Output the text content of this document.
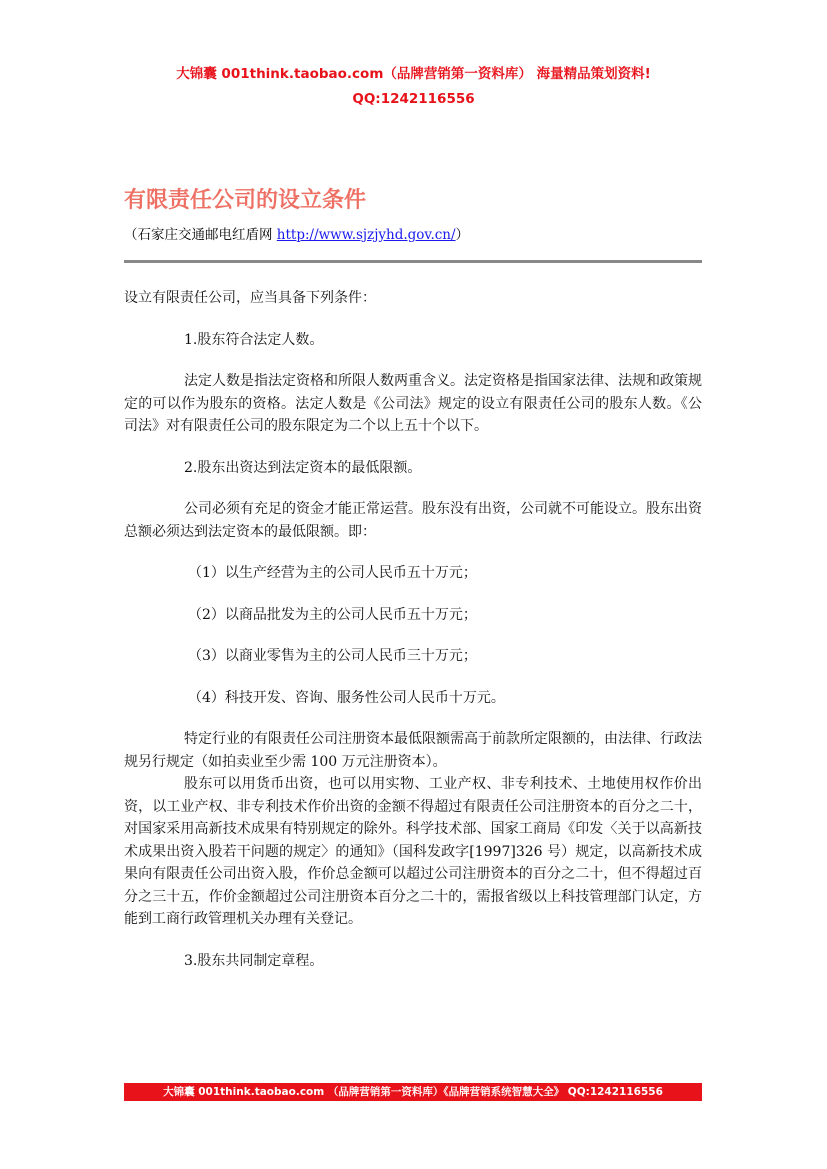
大锦囊 001think.taobao.com（品牌营销第一资料库） 海量精品策划资料!
QQ:1242116556
有限责任公司的设立条件
（石家庄交通邮电红盾网 http://www.sjzjyhd.gov.cn/）

设立有限责任公司，应当具备下列条件：

1.股东符合法定人数。

法定人数是指法定资格和所限人数两重含义。法定资格是指国家法律、法规和政策规定的可以作为股东的资格。法定人数是《公司法》规定的设立有限责任公司的股东人数。《公司法》对有限责任公司的股东限定为二个以上五十个以下。

2.股东出资达到法定资本的最低限额。

公司必须有充足的资金才能正常运营。股东没有出资，公司就不可能设立。股东出资总额必须达到法定资本的最低限额。即：

（1）以生产经营为主的公司人民币五十万元；

（2）以商品批发为主的公司人民币五十万元；

（3）以商业零售为主的公司人民币三十万元；

（4）科技开发、咨询、服务性公司人民币十万元。

特定行业的有限责任公司注册资本最低限额需高于前款所定限额的，由法律、行政法规另行规定（如拍卖业至少需 100 万元注册资本）。

股东可以用货币出资，也可以用实物、工业产权、非专利技术、土地使用权作价出资，以工业产权、非专利技术作价出资的金额不得超过有限责任公司注册资本的百分之二十，对国家采用高新技术成果有特别规定的除外。科学技术部、国家工商局《印发〈关于以高新技术成果出资入股若干问题的规定〉的通知》（国科发政字[1997]326 号）规定，以高新技术成果向有限责任公司出资入股，作价总金额可以超过公司注册资本的百分之二十，但不得超过百分之三十五，作价金额超过公司注册资本百分之二十的，需报省级以上科技管理部门认定，方能到工商行政管理机关办理有关登记。

3.股东共同制定章程。

大锦囊 001think.taobao.com （品牌营销第一资料库）《品牌营销系统智慧大全》 QQ:1242116556
